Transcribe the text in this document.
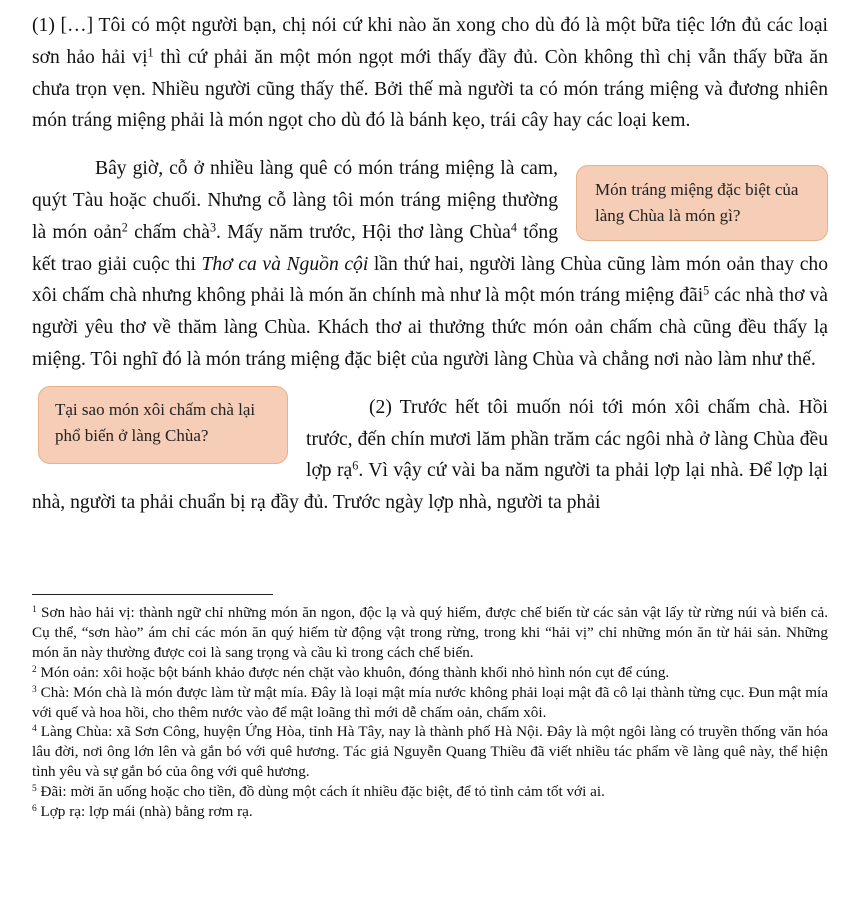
(1) […] Tôi có một người bạn, chị nói cứ khi nào ăn xong cho dù đó là một bữa tiệc lớn đủ các loại sơn hảo hải vị$^1$ thì cứ phải ăn một món ngọt mới thấy đầy đủ. Còn không thì chị vẫn thấy bữa ăn chưa trọn vẹn. Nhiều người cũng thấy thế. Bởi thế mà người ta có món tráng miệng và đương nhiên món tráng miệng phải là món ngọt cho dù đó là bánh kẹo, trái cây hay các loại kem.

Món tráng miệng đặc biệt của làng Chùa là món gì?

Bây giờ, cỗ ở nhiều làng quê có món tráng miệng là cam, quýt Tàu hoặc chuối. Nhưng cỗ làng tôi món tráng miệng thường là món oản$^2$ chấm chà$^3$. Mấy năm trước, Hội thơ làng Chùa$^4$ tổng kết trao giải cuộc thi Thơ ca và Nguồn cội lần thứ hai, người làng Chùa cũng làm món oản thay cho xôi chấm chà nhưng không phải là món ăn chính mà như là một món tráng miệng đãi$^5$ các nhà thơ và người yêu thơ về thăm làng Chùa. Khách thơ ai thưởng thức món oản chấm chà cũng đều thấy lạ miệng. Tôi nghĩ đó là món tráng miệng đặc biệt của người làng Chùa và chẳng nơi nào làm như thế.

Tại sao món xôi chấm chà lại phổ biến ở làng Chùa?

(2) Trước hết tôi muốn nói tới món xôi chấm chà. Hồi trước, đến chín mươi lăm phần trăm các ngôi nhà ở làng Chùa đều lợp rạ$^6$. Vì vậy cứ vài ba năm người ta phải lợp lại nhà. Để lợp lại nhà, người ta phải chuẩn bị rạ đầy đủ. Trước ngày lợp nhà, người ta phải

$^1$ Sơn hào hải vị: thành ngữ chỉ những món ăn ngon, độc lạ và quý hiếm, được chế biến từ các sản vật lấy từ rừng núi và biển cả. Cụ thể, “sơn hào” ám chỉ các món ăn quý hiếm từ động vật trong rừng, trong khi “hải vị” chỉ những món ăn từ hải sản. Những món ăn này thường được coi là sang trọng và cầu kì trong cách chế biến.

$^2$ Món oản: xôi hoặc bột bánh khảo được nén chặt vào khuôn, đóng thành khối nhỏ hình nón cụt để cúng.

$^3$ Chà: Món chà là món được làm từ mật mía. Đây là loại mật mía nước không phải loại mật đã cô lại thành từng cục. Đun mật mía với quế và hoa hồi, cho thêm nước vào để mật loãng thì mới dễ chấm oản, chấm xôi.

$^4$ Làng Chùa: xã Sơn Công, huyện Ứng Hòa, tỉnh Hà Tây, nay là thành phố Hà Nội. Đây là một ngôi làng có truyền thống văn hóa lâu đời, nơi ông lớn lên và gắn bó với quê hương. Tác giả Nguyễn Quang Thiều đã viết nhiều tác phẩm về làng quê này, thể hiện tình yêu và sự gắn bó của ông với quê hương.

$^5$ Đãi: mời ăn uống hoặc cho tiền, đồ dùng một cách ít nhiều đặc biệt, để tỏ tình cảm tốt với ai.

$^6$ Lợp rạ: lợp mái (nhà) bằng rơm rạ.
